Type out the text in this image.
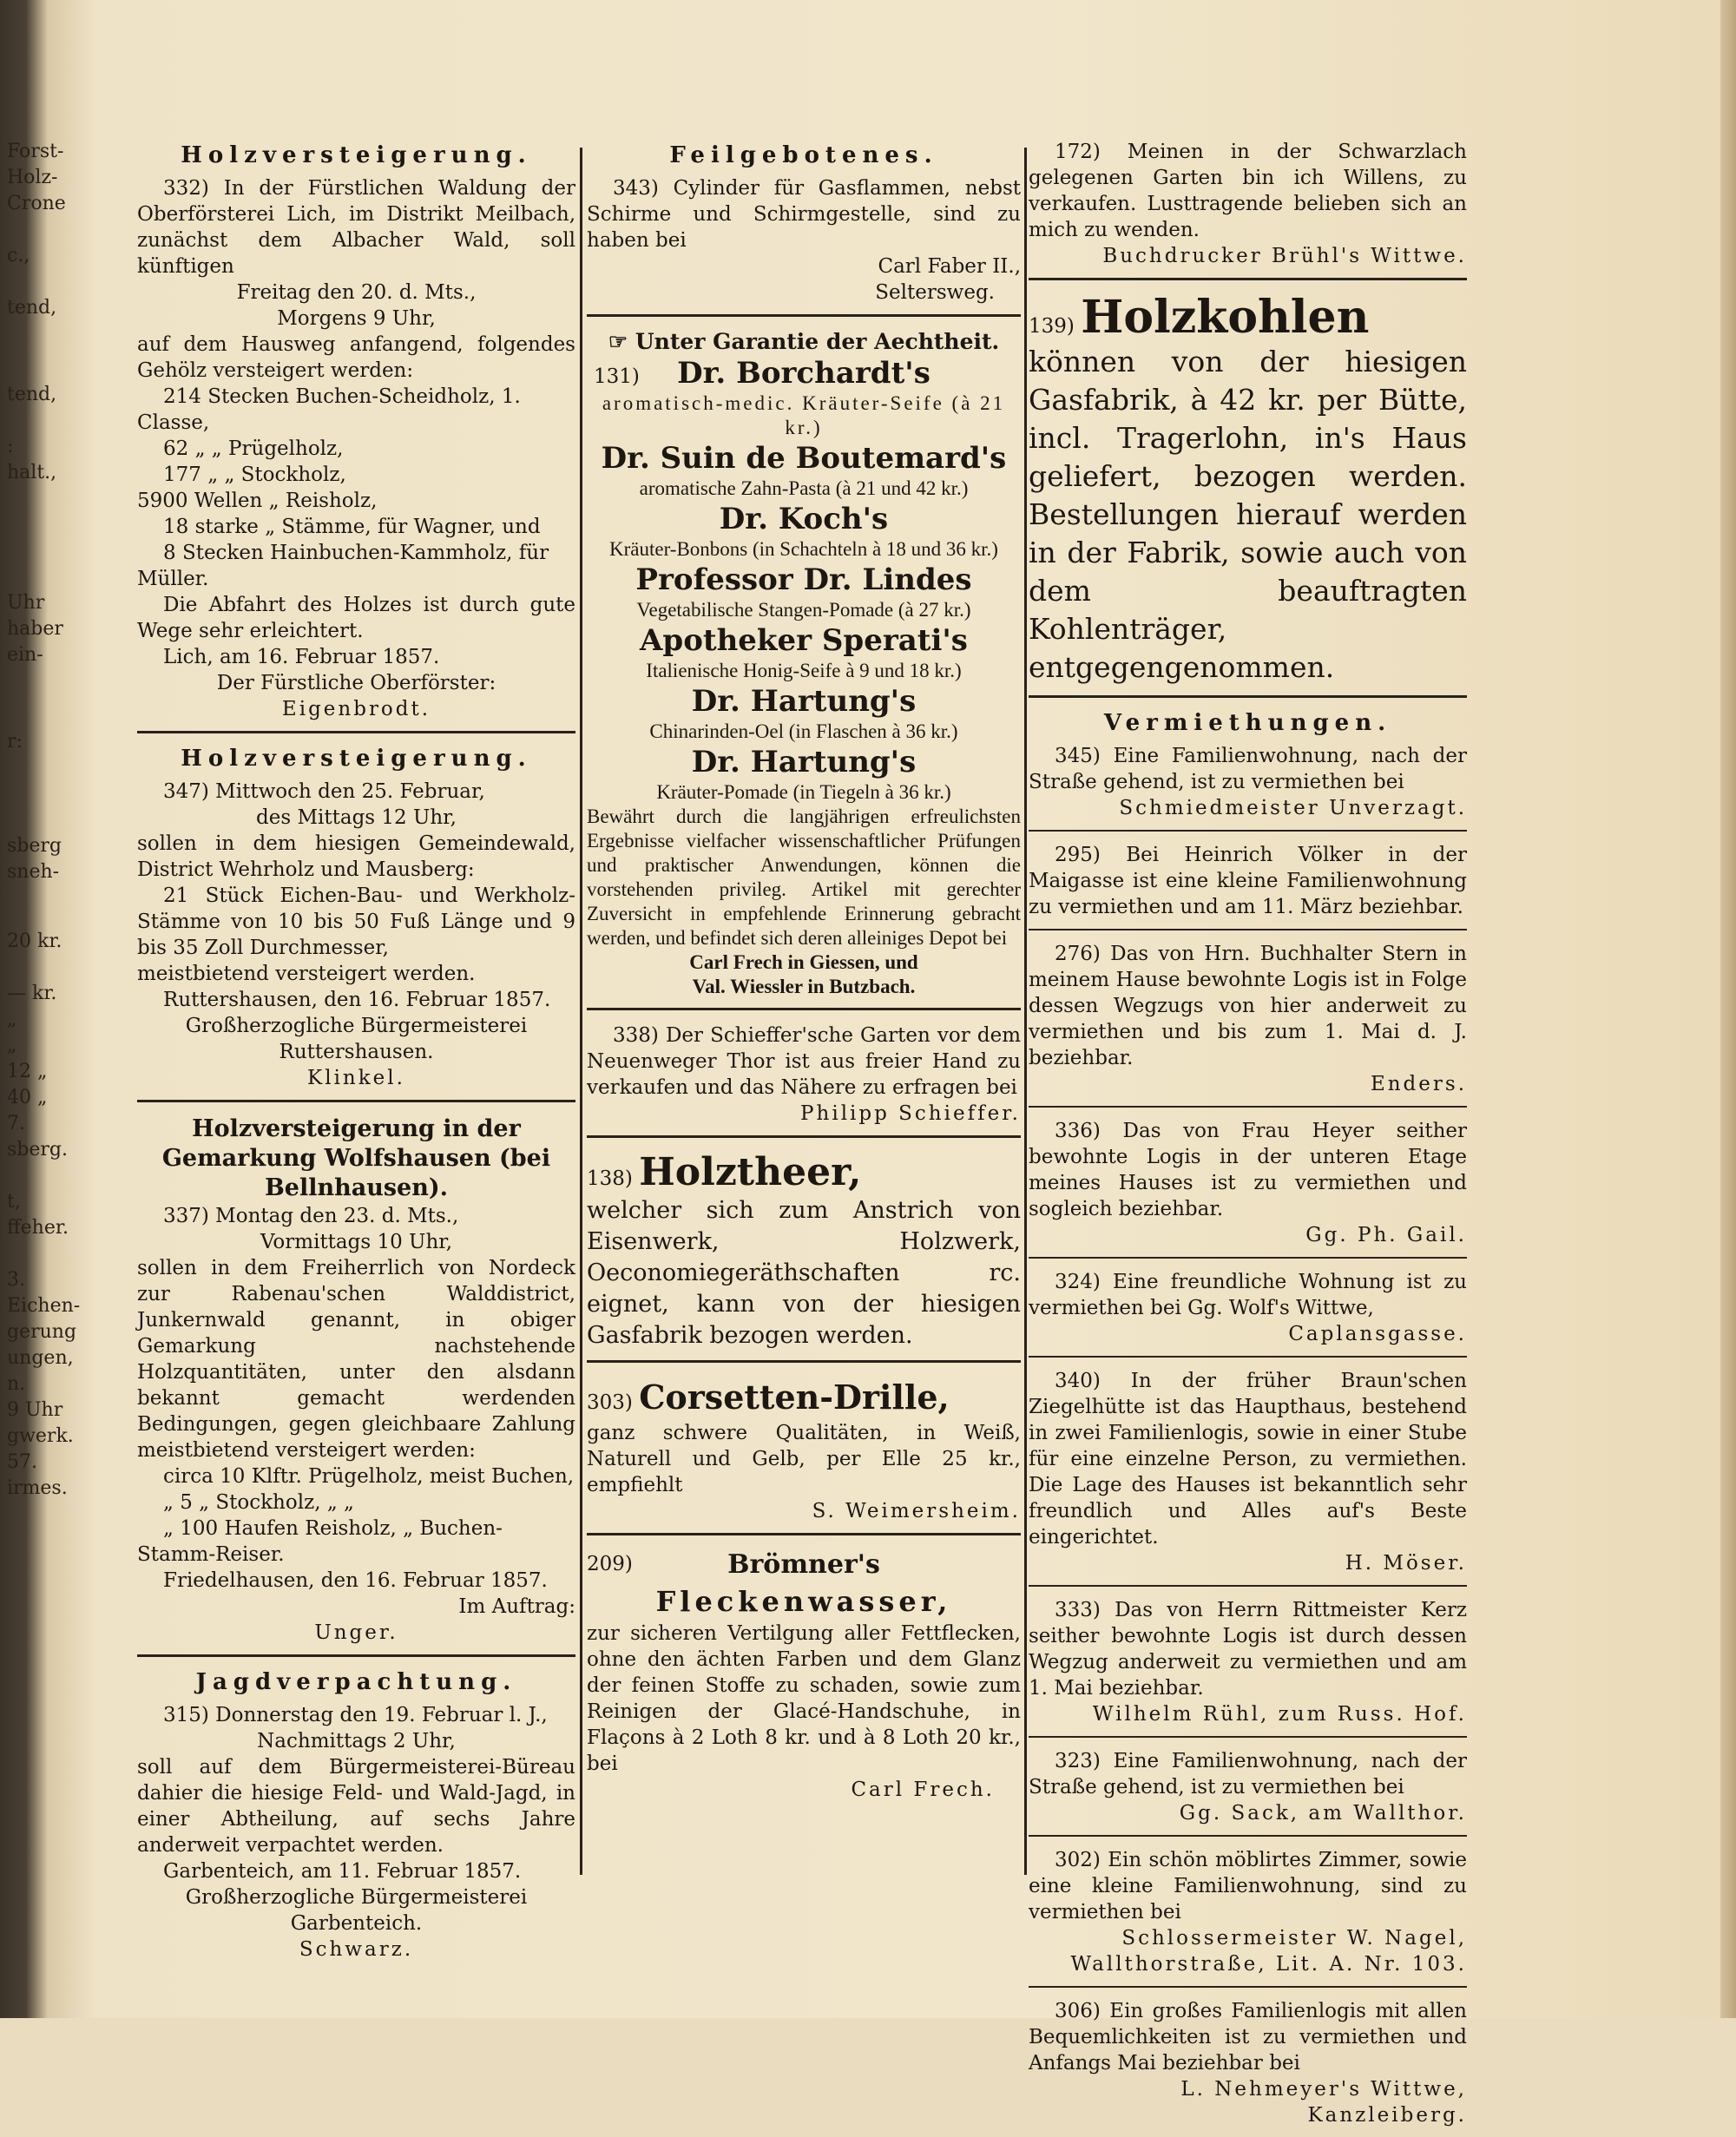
Forst-
Holz-
Crone
c.,
tend,
tend,
:
halt.,
Uhr
haber
ein-
r:
sberg
sneh-
20 kr.
— kr.
„
„
12 „
40 „
7.
sberg.
t,
ffeher.
3.
Eichen-
gerung
ungen,
n.
9 Uhr
gwerk.
57.
irmes.
Holzversteigerung.
332) In der Fürstlichen Waldung der Oberförsterei Lich, im Distrikt Meilbach, zunächst dem Albacher Wald, soll künftigen
Freitag den 20. d. Mts.,
Morgens 9 Uhr,
auf dem Hausweg anfangend, folgendes Gehölz versteigert werden:
214 Stecken Buchen-Scheidholz, 1. Classe,
62 „ „ Prügelholz,
177 „ „ Stockholz,
5900 Wellen „ Reisholz,
18 starke „ Stämme, für Wagner, und
8 Stecken Hainbuchen-Kammholz, für Müller.
Die Abfahrt des Holzes ist durch gute Wege sehr erleichtert.
Lich, am 16. Februar 1857.
Der Fürstliche Oberförster:
Eigenbrodt.
Holzversteigerung.
347) Mittwoch den 25. Februar,
des Mittags 12 Uhr,
sollen in dem hiesigen Gemeindewald, District Wehrholz und Mausberg:
21 Stück Eichen-Bau- und Werkholz-Stämme von 10 bis 50 Fuß Länge und 9 bis 35 Zoll Durchmesser,
meistbietend versteigert werden.
Ruttershausen, den 16. Februar 1857.
Großherzogliche Bürgermeisterei Ruttershausen.
Klinkel.
Holzversteigerung in der Gemarkung Wolfshausen (bei Bellnhausen).
337) Montag den 23. d. Mts.,
Vormittags 10 Uhr,
sollen in dem Freiherrlich von Nordeck zur Rabenau'schen Walddistrict, Junkernwald genannt, in obiger Gemarkung nachstehende Holzquantitäten, unter den alsdann bekannt gemacht werdenden Bedingungen, gegen gleichbaare Zahlung meistbietend versteigert werden:
circa 10 Klftr. Prügelholz, meist Buchen,
„ 5 „ Stockholz, „ „
„ 100 Haufen Reisholz, „ Buchen-Stamm-Reiser.
Friedelhausen, den 16. Februar 1857.
Im Auftrag:
Unger.
Jagdverpachtung.
315) Donnerstag den 19. Februar l. J.,
Nachmittags 2 Uhr,
soll auf dem Bürgermeisterei-Büreau dahier die hiesige Feld- und Wald-Jagd, in einer Abtheilung, auf sechs Jahre anderweit verpachtet werden.
Garbenteich, am 11. Februar 1857.
Großherzogliche Bürgermeisterei Garbenteich.
Schwarz.
Feilgebotenes.
343) Cylinder für Gasflammen, nebst Schirme und Schirmgestelle, sind zu haben bei
Carl Faber II.,
Seltersweg.
☞ Unter Garantie der Aechtheit.
131) Dr. Borchardt's
aromatisch-medic. Kräuter-Seife (à 21 kr.)
Dr. Suin de Boutemard's
aromatische Zahn-Pasta (à 21 und 42 kr.)
Dr. Koch's
Kräuter-Bonbons (in Schachteln à 18 und 36 kr.)
Professor Dr. Lindes
Vegetabilische Stangen-Pomade (à 27 kr.)
Apotheker Sperati's
Italienische Honig-Seife à 9 und 18 kr.)
Dr. Hartung's
Chinarinden-Oel (in Flaschen à 36 kr.)
Dr. Hartung's
Kräuter-Pomade (in Tiegeln à 36 kr.)
Bewährt durch die langjährigen erfreulichsten Ergebnisse vielfacher wissenschaftlicher Prüfungen und praktischer Anwendungen, können die vorstehenden privileg. Artikel mit gerechter Zuversicht in empfehlende Erinnerung gebracht werden, und befindet sich deren alleiniges Depot bei
Carl Frech in Giessen, und
Val. Wiessler in Butzbach.
338) Der Schieffer'sche Garten vor dem Neuenweger Thor ist aus freier Hand zu verkaufen und das Nähere zu erfragen bei
Philipp Schieffer.
138) Holztheer,
welcher sich zum Anstrich von Eisenwerk, Holzwerk, Oeconomiegeräthschaften rc. eignet, kann von der hiesigen Gasfabrik bezogen werden.
303) Corsetten-Drille,
ganz schwere Qualitäten, in Weiß, Naturell und Gelb, per Elle 25 kr., empfiehlt
S. Weimersheim.
209)	Brömner's
Fleckenwasser,
zur sicheren Vertilgung aller Fettflecken, ohne den ächten Farben und dem Glanz der feinen Stoffe zu schaden, sowie zum Reinigen der Glacé-Handschuhe, in Flaçons à 2 Loth 8 kr. und à 8 Loth 20 kr., bei
Carl Frech.
172) Meinen in der Schwarzlach gelegenen Garten bin ich Willens, zu verkaufen. Lusttragende belieben sich an mich zu wenden.
Buchdrucker Brühl's Wittwe.
139) Holzkohlen
können von der hiesigen Gasfabrik, à 42 kr. per Bütte, incl. Tragerlohn, in's Haus geliefert, bezogen werden. Bestellungen hierauf werden in der Fabrik, sowie auch von dem beauftragten Kohlenträger, entgegengenommen.
Vermiethungen.
345) Eine Familienwohnung, nach der Straße gehend, ist zu vermiethen bei
Schmiedmeister Unverzagt.
295) Bei Heinrich Völker in der Maigasse ist eine kleine Familienwohnung zu vermiethen und am 11. März beziehbar.
276) Das von Hrn. Buchhalter Stern in meinem Hause bewohnte Logis ist in Folge dessen Wegzugs von hier anderweit zu vermiethen und bis zum 1. Mai d. J. beziehbar.
Enders.
336) Das von Frau Heyer seither bewohnte Logis in der unteren Etage meines Hauses ist zu vermiethen und sogleich beziehbar.
Gg. Ph. Gail.
324) Eine freundliche Wohnung ist zu vermiethen bei Gg. Wolf's Wittwe,
Caplansgasse.
340) In der früher Braun'schen Ziegelhütte ist das Haupthaus, bestehend in zwei Familienlogis, sowie in einer Stube für eine einzelne Person, zu vermiethen. Die Lage des Hauses ist bekanntlich sehr freundlich und Alles auf's Beste eingerichtet.
H. Möser.
333) Das von Herrn Rittmeister Kerz seither bewohnte Logis ist durch dessen Wegzug anderweit zu vermiethen und am 1. Mai beziehbar.
Wilhelm Rühl, zum Russ. Hof.
323) Eine Familienwohnung, nach der Straße gehend, ist zu vermiethen bei
Gg. Sack, am Wallthor.
302) Ein schön möblirtes Zimmer, sowie eine kleine Familienwohnung, sind zu vermiethen bei
Schlossermeister W. Nagel, Wallthorstraße, Lit. A. Nr. 103.
306) Ein großes Familienlogis mit allen Bequemlichkeiten ist zu vermiethen und Anfangs Mai beziehbar bei
L. Nehmeyer's Wittwe, Kanzleiberg.
